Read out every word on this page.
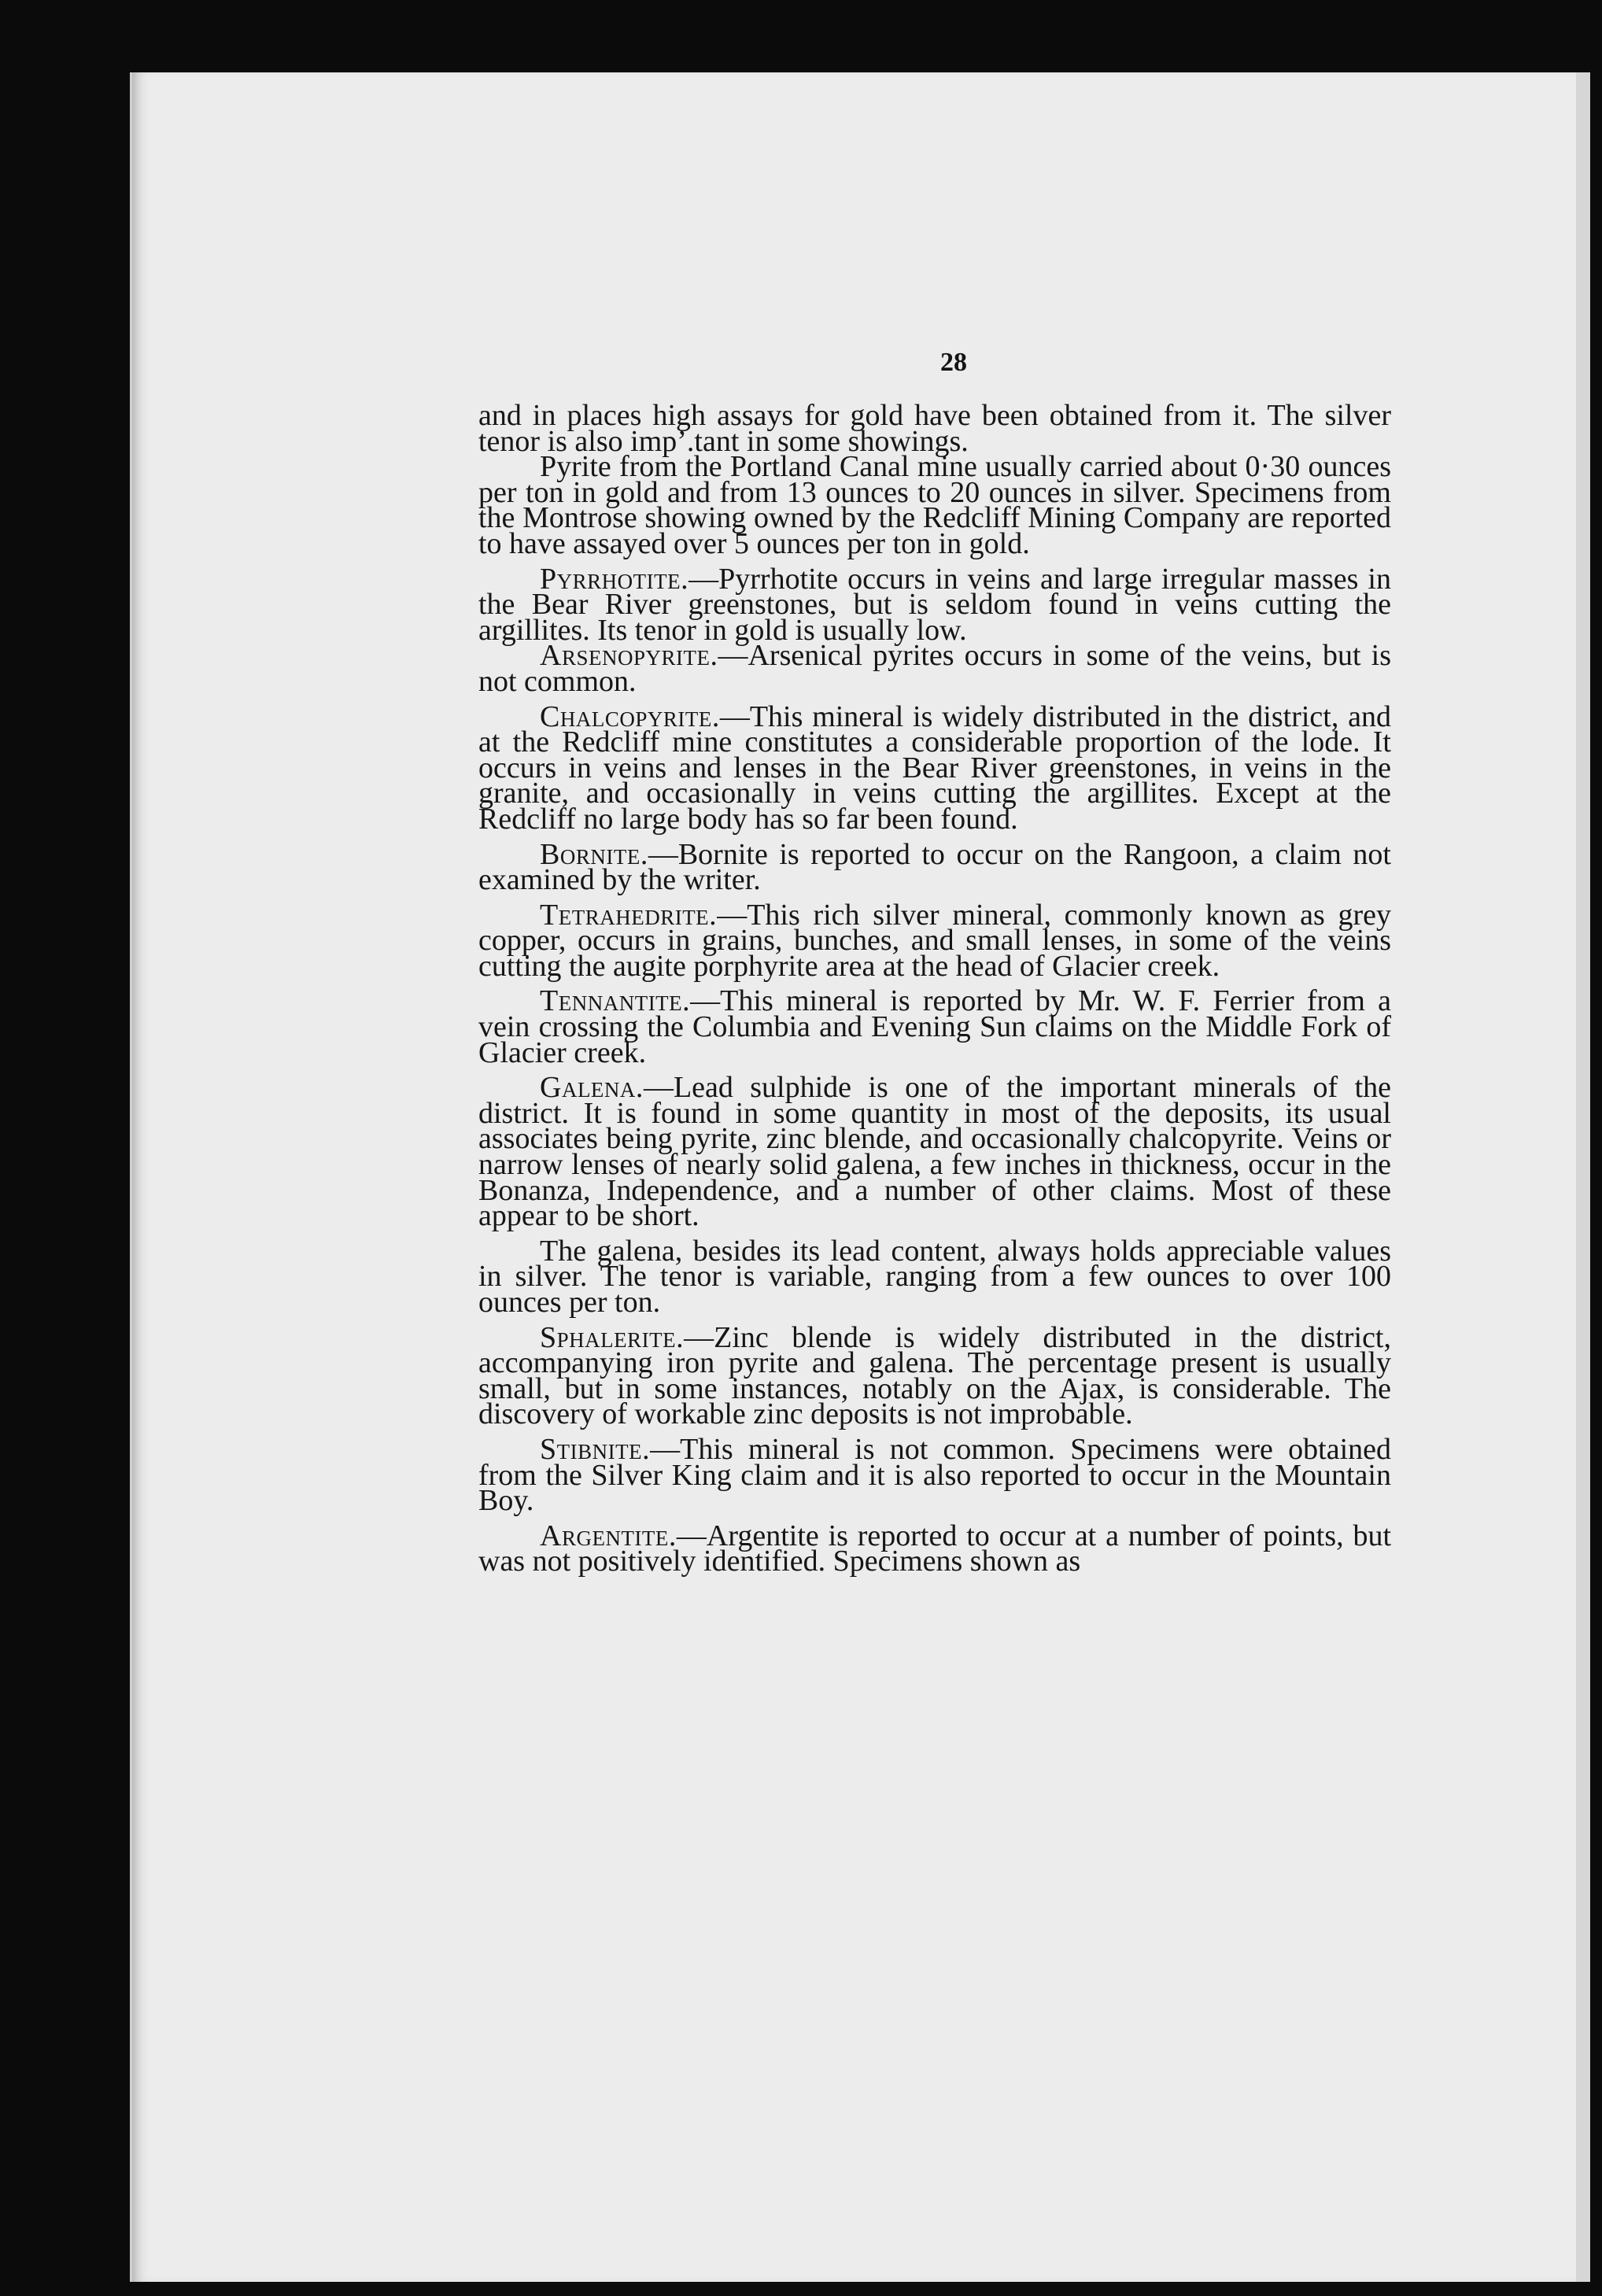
28

and in places high assays for gold have been obtained from it. The silver tenor is also imp’.tant in some showings.

Pyrite from the Portland Canal mine usually carried about 0·30 ounces per ton in gold and from 13 ounces to 20 ounces in silver. Specimens from the Montrose showing owned by the Redcliff Mining Company are reported to have assayed over 5 ounces per ton in gold.

Pyrrhotite.—Pyrrhotite occurs in veins and large irregular masses in the Bear River greenstones, but is seldom found in veins cutting the argillites. Its tenor in gold is usually low.

Arsenopyrite.—Arsenical pyrites occurs in some of the veins, but is not common.

Chalcopyrite.—This mineral is widely distributed in the district, and at the Redcliff mine constitutes a considerable proportion of the lode. It occurs in veins and lenses in the Bear River greenstones, in veins in the granite, and occasionally in veins cutting the argillites. Except at the Redcliff no large body has so far been found.

Bornite.—Bornite is reported to occur on the Rangoon, a claim not examined by the writer.

Tetrahedrite.—This rich silver mineral, commonly known as grey copper, occurs in grains, bunches, and small lenses, in some of the veins cutting the augite porphyrite area at the head of Glacier creek.

Tennantite.—This mineral is reported by Mr. W. F. Ferrier from a vein crossing the Columbia and Evening Sun claims on the Middle Fork of Glacier creek.

Galena.—Lead sulphide is one of the important minerals of the district. It is found in some quantity in most of the deposits, its usual associates being pyrite, zinc blende, and occasionally chalcopyrite. Veins or narrow lenses of nearly solid galena, a few inches in thickness, occur in the Bonanza, Independence, and a number of other claims. Most of these appear to be short.

The galena, besides its lead content, always holds appreciable values in silver. The tenor is variable, ranging from a few ounces to over 100 ounces per ton.

Sphalerite.—Zinc blende is widely distributed in the district, accompanying iron pyrite and galena. The percentage present is usually small, but in some instances, notably on the Ajax, is considerable. The discovery of workable zinc deposits is not improbable.

Stibnite.—This mineral is not common. Specimens were obtained from the Silver King claim and it is also reported to occur in the Mountain Boy.

Argentite.—Argentite is reported to occur at a number of points, but was not positively identified. Specimens shown as
